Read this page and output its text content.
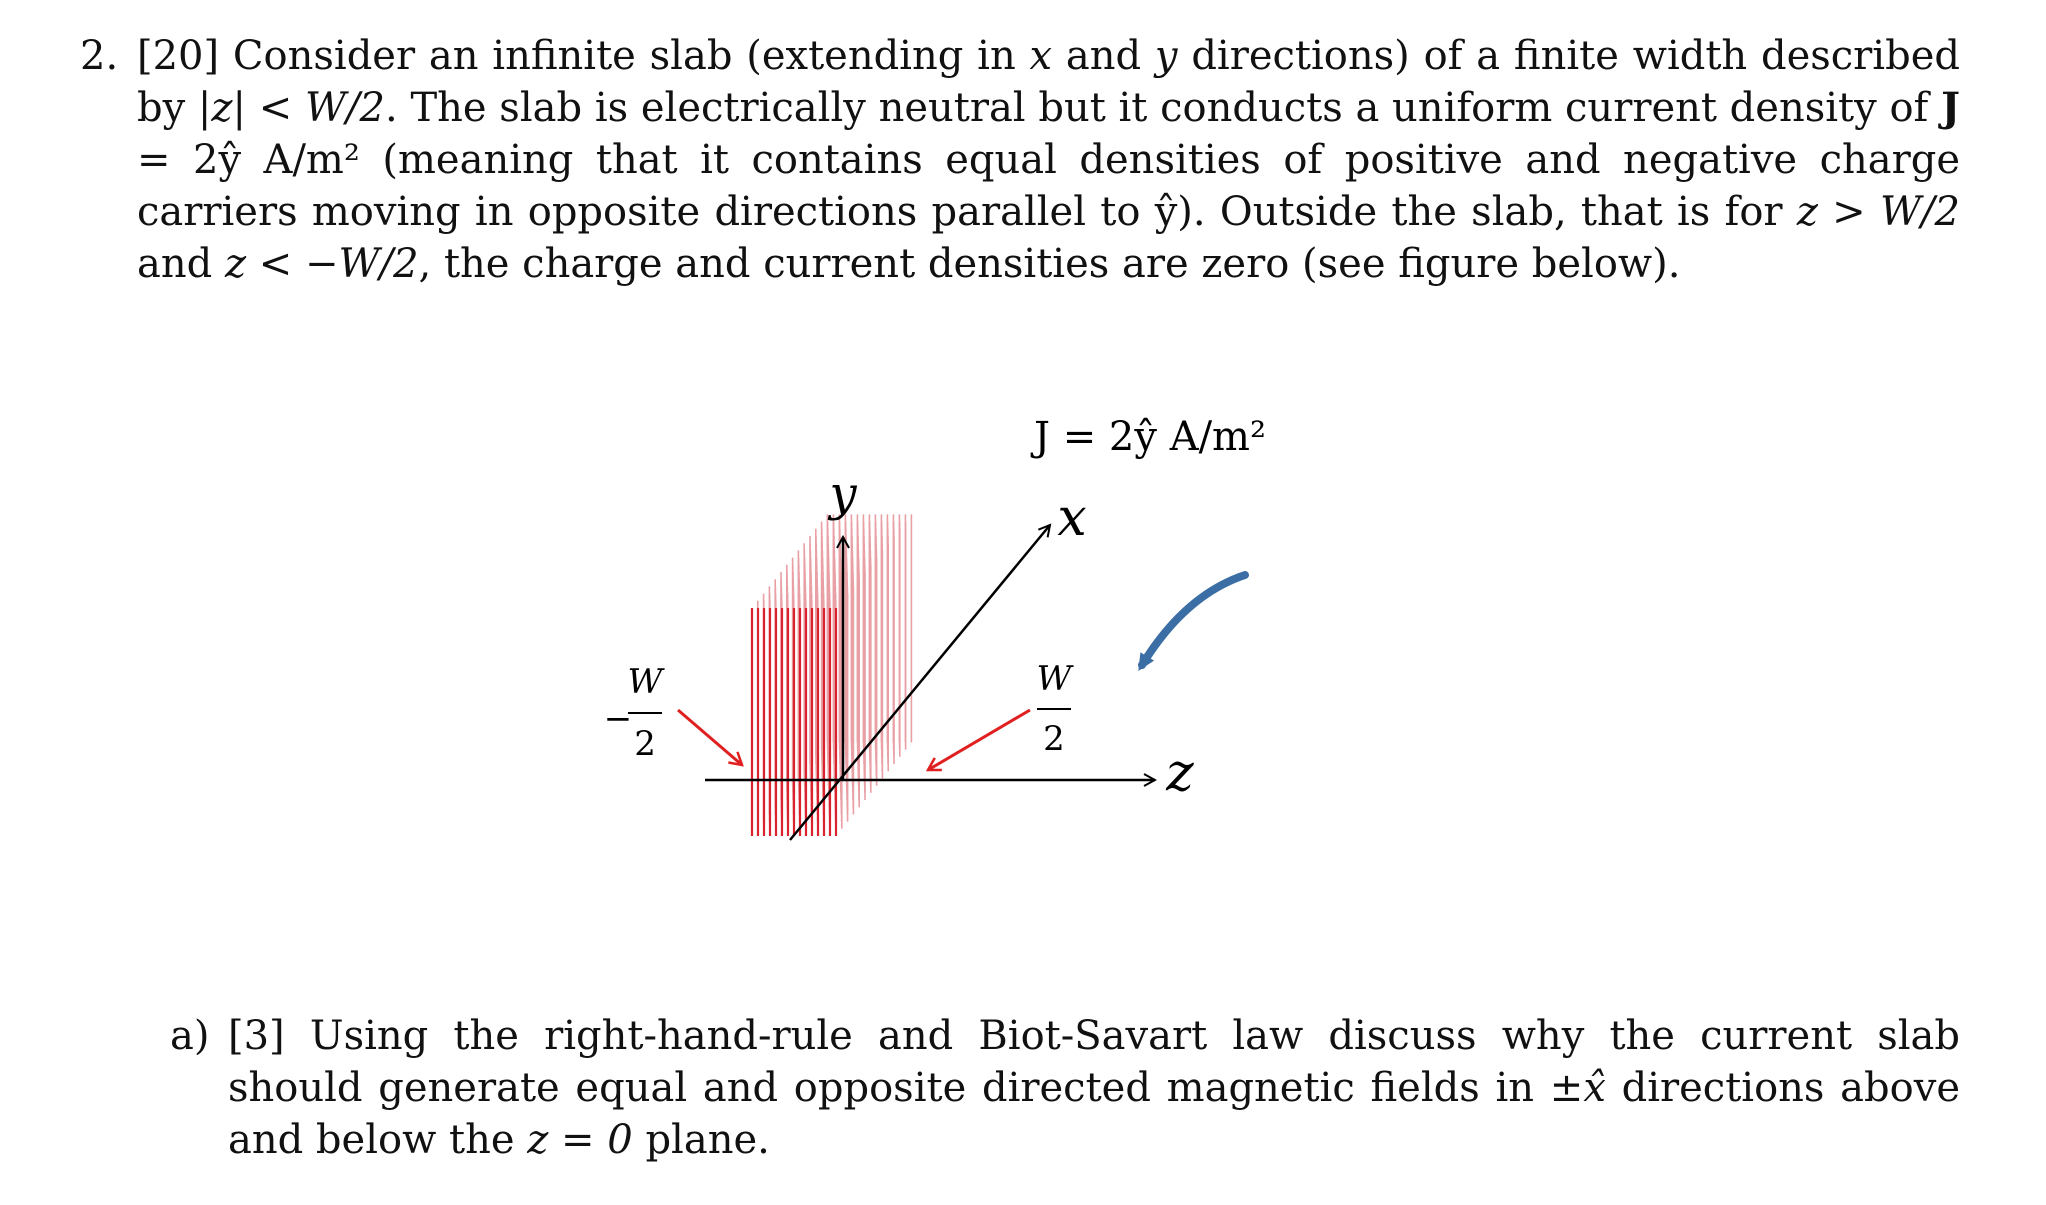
2. [20] Consider an infinite slab (extending in x and y directions) of a finite width described by |z| < W/2. The slab is electrically neutral but it conducts a uniform current density of J = 2ŷ A/m² (meaning that it contains equal densities of positive and negative charge carriers moving in opposite directions parallel to ŷ). Outside the slab, that is for z > W/2 and z < −W/2, the charge and current densities are zero (see figure below).
J = 2ŷ A/m²
y	x
z
−
W
2
W
2
a) [3] Using the right-hand-rule and Biot-Savart law discuss why the current slab should generate equal and opposite directed magnetic fields in ±x̂ directions above and below the z = 0 plane.
